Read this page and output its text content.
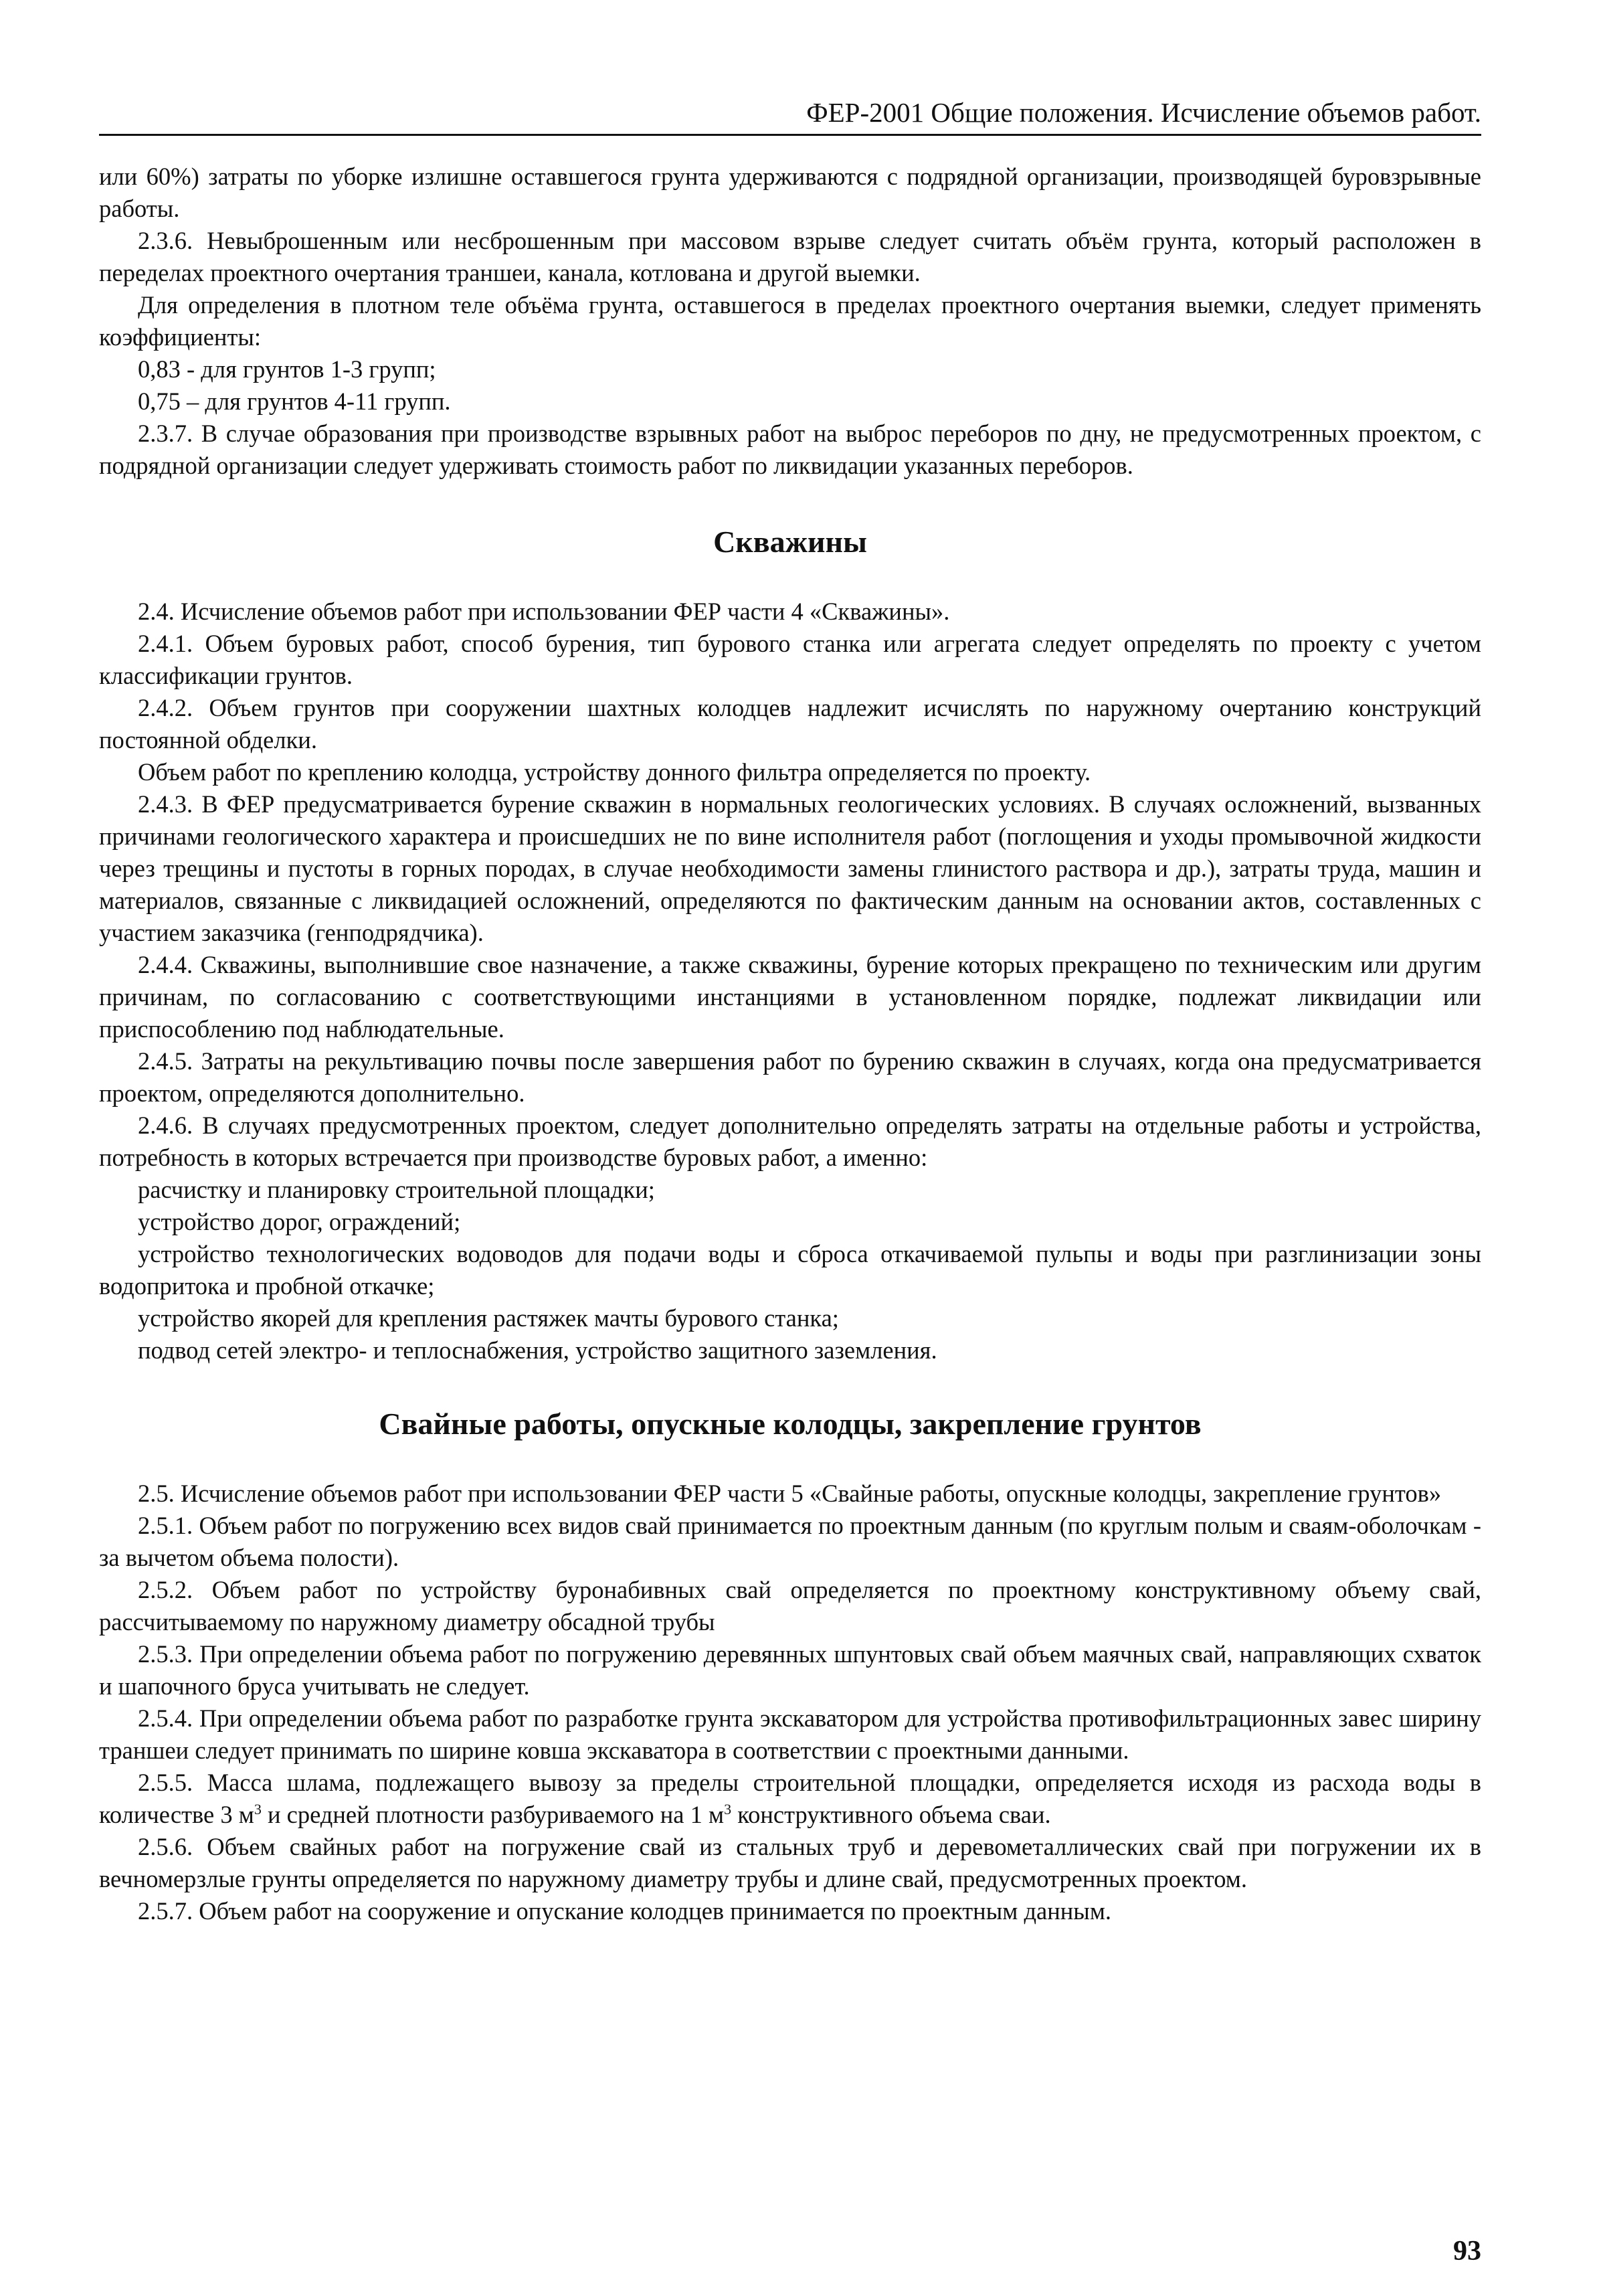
ФЕР-2001 Общие положения. Исчисление объемов работ.

или 60%) затраты по уборке излишне оставшегося грунта удерживаются с подрядной организации, производящей буровзрывные работы.

2.3.6. Невыброшенным или несброшенным при массовом взрыве следует считать объём грунта, который расположен в переделах проектного очертания траншеи, канала, котлована и другой выемки.

Для определения в плотном теле объёма грунта, оставшегося в пределах проектного очертания выемки, следует применять коэффициенты:

0,83 - для грунтов 1-3 групп;

0,75 – для грунтов 4-11 групп.

2.3.7. В случае образования при производстве взрывных работ на выброс переборов по дну, не предусмотренных проектом, с подрядной организации следует удерживать стоимость работ по ликвидации указанных переборов.

Скважины

2.4. Исчисление объемов работ при использовании ФЕР части 4 «Скважины».

2.4.1. Объем буровых работ, способ бурения, тип бурового станка или агрегата следует определять по проекту с учетом классификации грунтов.

2.4.2. Объем грунтов при сооружении шахтных колодцев надлежит исчислять по наружному очертанию конструкций постоянной обделки.

Объем работ по креплению колодца, устройству донного фильтра определяется по проекту.

2.4.3. В ФЕР предусматривается бурение скважин в нормальных геологических условиях. В случаях осложнений, вызванных причинами геологического характера и происшедших не по вине исполнителя работ (поглощения и уходы промывочной жидкости через трещины и пустоты в горных породах, в случае необходимости замены глинистого раствора и др.), затраты труда, машин и материалов, связанные с ликвидацией осложнений, определяются по фактическим данным на основании актов, составленных с участием заказчика (генподрядчика).

2.4.4. Скважины, выполнившие свое назначение, а также скважины, бурение которых прекращено по техническим или другим причинам, по согласованию с соответствующими инстанциями в установленном порядке, подлежат ликвидации или приспособлению под наблюдательные.

2.4.5. Затраты на рекультивацию почвы после завершения работ по бурению скважин в случаях, когда она предусматривается проектом, определяются дополнительно.

2.4.6. В случаях предусмотренных проектом, следует дополнительно определять затраты на отдельные работы и устройства, потребность в которых встречается при производстве буровых работ, а именно:

расчистку и планировку строительной площадки;

устройство дорог, ограждений;

устройство технологических водоводов для подачи воды и сброса откачиваемой пульпы и воды при разглинизации зоны водопритока и пробной откачке;

устройство якорей для крепления растяжек мачты бурового станка;

подвод сетей электро- и теплоснабжения, устройство защитного заземления.

Свайные работы, опускные колодцы, закрепление грунтов

2.5. Исчисление объемов работ при использовании ФЕР части 5 «Свайные работы, опускные колодцы, закрепление грунтов»

2.5.1. Объем работ по погружению всех видов свай принимается по проектным данным (по круглым полым и сваям-оболочкам - за вычетом объема полости).

2.5.2. Объем работ по устройству буронабивных свай определяется по проектному конструктивному объему свай, рассчитываемому по наружному диаметру обсадной трубы

2.5.3. При определении объема работ по погружению деревянных шпунтовых свай объем маячных свай, направляющих схваток и шапочного бруса учитывать не следует.

2.5.4. При определении объема работ по разработке грунта экскаватором для устройства противофильтрационных завес ширину траншеи следует принимать по ширине ковша экскаватора в соответствии с проектными данными.

2.5.5. Масса шлама, подлежащего вывозу за пределы строительной площадки, определяется исходя из расхода воды в количестве 3 $м^3$ и средней плотности разбуриваемого на 1 $м^3$ конструктивного объема сваи.

2.5.6. Объем свайных работ на погружение свай из стальных труб и деревометаллических свай при погружении их в вечномерзлые грунты определяется по наружному диаметру трубы и длине свай, предусмотренных проектом.

2.5.7. Объем работ на сооружение и опускание колодцев принимается по проектным данным.

93
